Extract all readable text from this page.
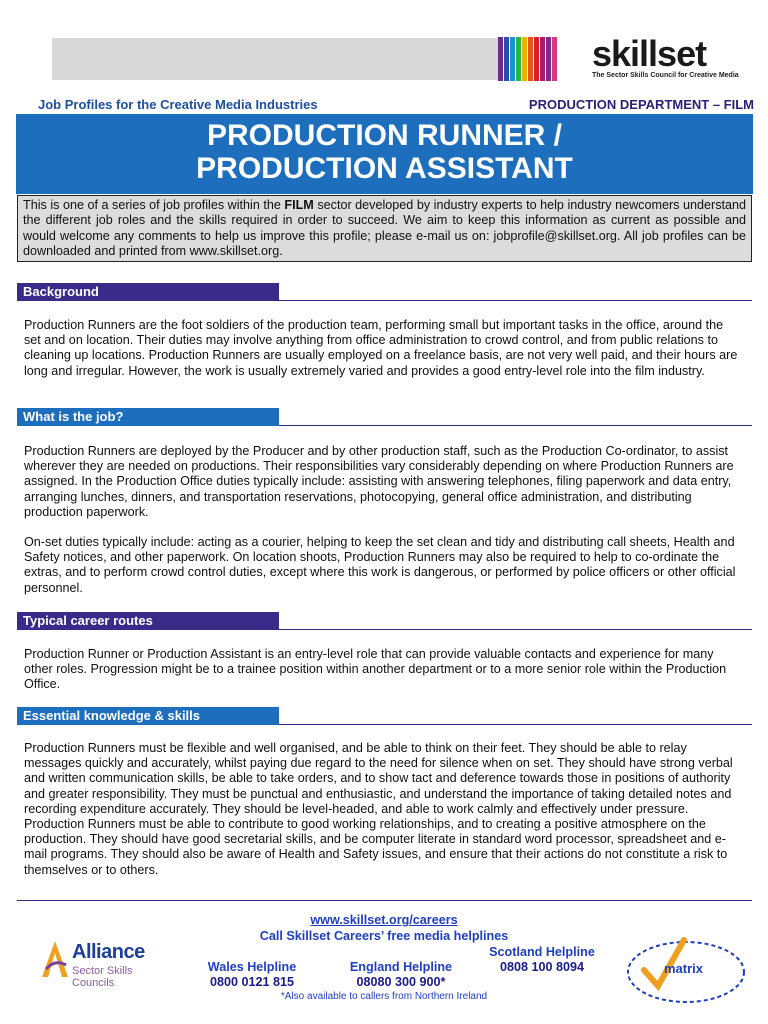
skillset
The Sector Skills Council for Creative Media
Job Profiles for the Creative Media Industries	PRODUCTION DEPARTMENT – FILM
PRODUCTION RUNNER /
PRODUCTION ASSISTANT
This is one of a series of job profiles within the FILM sector developed by industry experts to help industry newcomers understand the different job roles and the skills required in order to succeed. We aim to keep this information as current as possible and would welcome any comments to help us improve this profile; please e-mail us on: jobprofile@skillset.org. All job profiles can be downloaded and printed from www.skillset.org.
Background

Production Runners are the foot soldiers of the production team, performing small but important tasks in the office, around the set and on location. Their duties may involve anything from office administration to crowd control, and from public relations to cleaning up locations. Production Runners are usually employed on a freelance basis, are not very well paid, and their hours are long and irregular. However, the work is usually extremely varied and provides a good entry-level role into the film industry.

What is the job?

Production Runners are deployed by the Producer and by other production staff, such as the Production Co-ordinator, to assist wherever they are needed on productions. Their responsibilities vary considerably depending on where Production Runners are assigned. In the Production Office duties typically include: assisting with answering telephones, filing paperwork and data entry, arranging lunches, dinners, and transportation reservations, photocopying, general office administration, and distributing production paperwork.

On-set duties typically include: acting as a courier, helping to keep the set clean and tidy and distributing call sheets, Health and Safety notices, and other paperwork. On location shoots, Production Runners may also be required to help to co-ordinate the extras, and to perform crowd control duties, except where this work is dangerous, or performed by police officers or other official personnel.

Typical career routes

Production Runner or Production Assistant is an entry-level role that can provide valuable contacts and experience for many other roles. Progression might be to a trainee position within another department or to a more senior role within the Production Office.

Essential knowledge & skills

Production Runners must be flexible and well organised, and be able to think on their feet. They should be able to relay messages quickly and accurately, whilst paying due regard to the need for silence when on set. They should have strong verbal and written communication skills, be able to take orders, and to show tact and deference towards those in positions of authority and greater responsibility. They must be punctual and enthusiastic, and understand the importance of taking detailed notes and recording expenditure accurately. They should be level-headed, and able to work calmly and effectively under pressure. Production Runners must be able to contribute to good working relationships, and to creating a positive atmosphere on the production. They should have good secretarial skills, and be computer literate in standard word processor, spreadsheet and e-mail programs. They should also be aware of Health and Safety issues, and ensure that their actions do not constitute a risk to themselves or to others.

www.skillset.org/careers
Call Skillset Careers’ free media helplines
Wales Helpline
0800 0121 815
England Helpline
08080 300 900*
Scotland Helpline
0808 100 8094
*Also available to callers from Northern Ireland
Alliance
Sector Skills Councils
matrix
